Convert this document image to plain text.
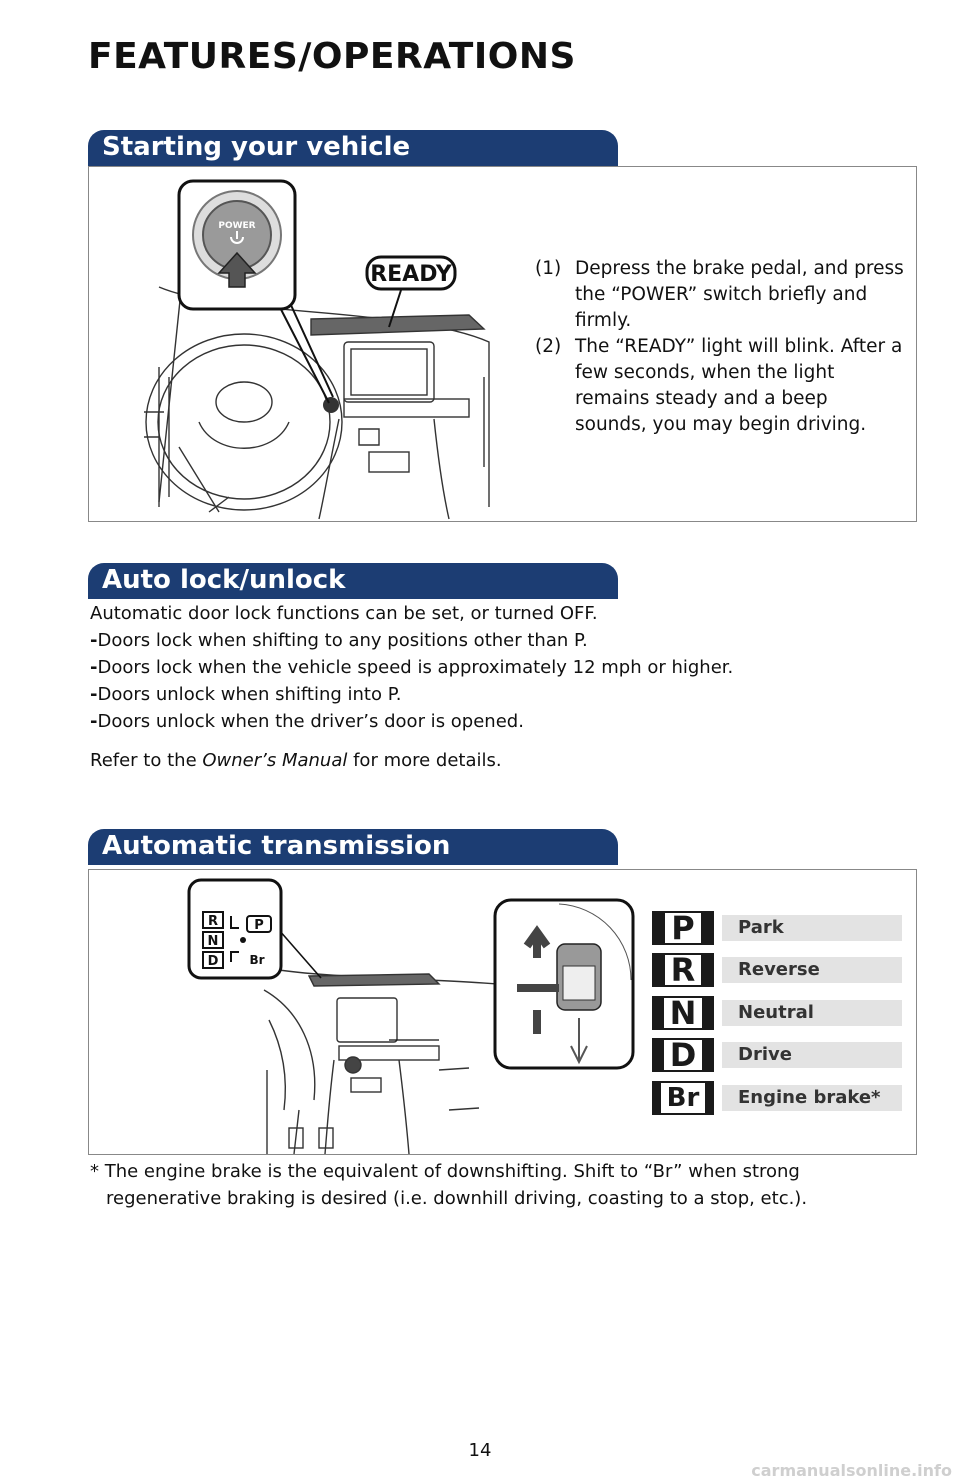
FEATURES/OPERATIONS
Starting your vehicle
POWER
READY	(1) Depress the brake pedal, and press the “POWER” switch briefly and firmly.

(2) The “READY” light will blink. After a few seconds, when the light remains steady and a beep sounds, you may begin driving.

Auto lock/unlock

Automatic door lock functions can be set, or turned OFF.

-Doors lock when shifting to any positions other than P.

-Doors lock when the vehicle speed is approximately 12 mph or higher.

-Doors unlock when shifting into P.

-Doors unlock when the driver’s door is opened.

Refer to the Owner’s Manual for more details.

Automatic transmission
R
N
D
P
Br
P	Park
R	Reverse
N	Neutral
D	Drive
Br	Engine brake*

* The engine brake is the equivalent of downshifting. Shift to “Br” when strong regenerative braking is desired (i.e. downhill driving, coasting to a stop, etc.).

14
carmanualsonline.info
